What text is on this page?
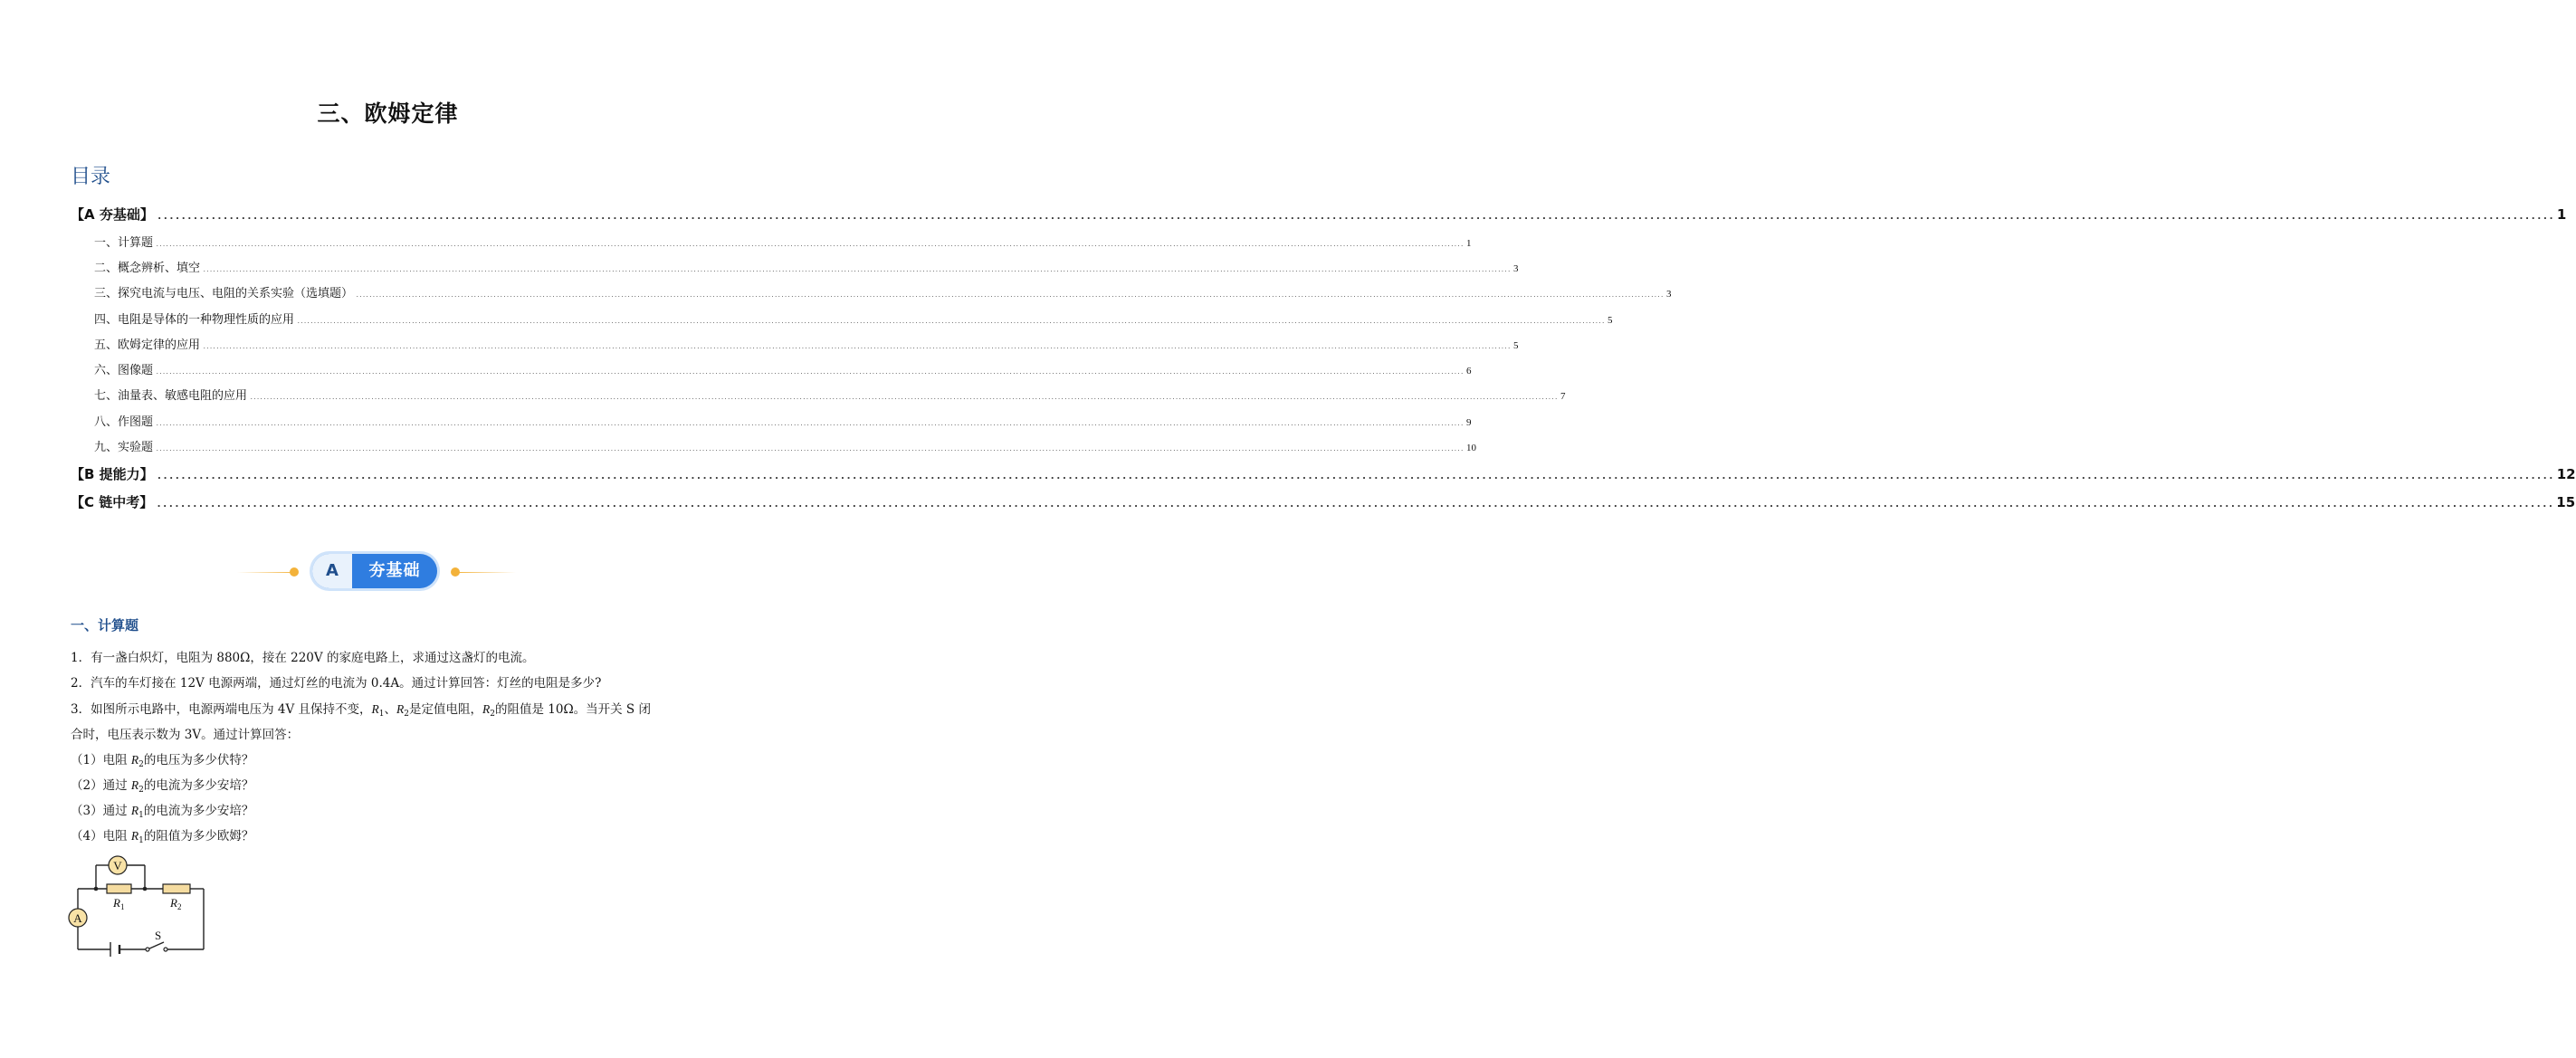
三、欧姆定律
目录
【A 夯基础】 ................................................................................................................................................................................................................................................................................................................................................................................................................ 1
一、计算题 ................................................................................................................................................................................................................................................................................................................................................................................................................ 1
二、概念辨析、填空 ................................................................................................................................................................................................................................................................................................................................................................................................................ 3
三、探究电流与电压、电阻的关系实验（选填题） ................................................................................................................................................................................................................................................................................................................................................................................................................ 3
四、电阻是导体的一种物理性质的应用 ................................................................................................................................................................................................................................................................................................................................................................................................................ 5
五、欧姆定律的应用 ................................................................................................................................................................................................................................................................................................................................................................................................................ 5
六、图像题 ................................................................................................................................................................................................................................................................................................................................................................................................................ 6
七、油量表、敏感电阻的应用 ................................................................................................................................................................................................................................................................................................................................................................................................................ 7
八、作图题 ................................................................................................................................................................................................................................................................................................................................................................................................................ 9
九、实验题 ................................................................................................................................................................................................................................................................................................................................................................................................................ 10
【B 提能力】 ................................................................................................................................................................................................................................................................................................................................................................................................................ 12
【C 链中考】 ................................................................................................................................................................................................................................................................................................................................................................................................................ 15
A	夯基础
一、计算题
1．有一盏白炽灯，电阻为 880Ω，接在 220V 的家庭电路上，求通过这盏灯的电流。
2．汽车的车灯接在 12V 电源两端，通过灯丝的电流为 0.4A。通过计算回答：灯丝的电阻是多少?
3．如图所示电路中，电源两端电压为 4V 且保持不变，$R_1$、$R_2$是定值电阻，$R_2$的阻值是 10Ω。当开关 S 闭
合时，电压表示数为 3V。通过计算回答：
（1）电阻 $R_2$的电压为多少伏特？
（2）通过 $R_2$的电流为多少安培？
（3）通过 $R_1$的电流为多少安培？
（4）电阻 $R_1$的阻值为多少欧姆？
V
A
$R_1$	$R_2$
S
